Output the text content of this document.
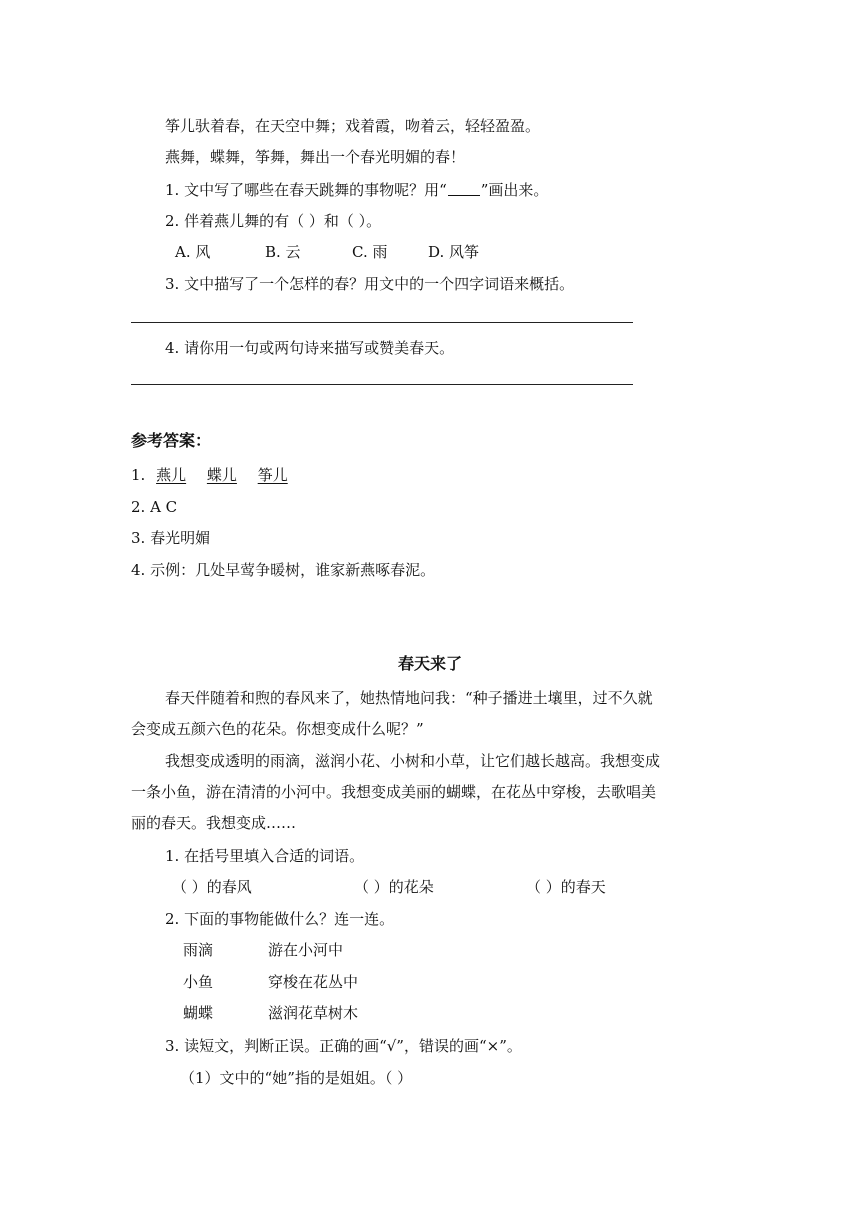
筝儿驮着春，在天空中舞；戏着霞，吻着云，轻轻盈盈。
燕舞，蝶舞，筝舞，舞出一个春光明媚的春！
1. 文中写了哪些在春天跳舞的事物呢？用“ ”画出来。
2. 伴着燕儿舞的有（ ）和（ ）。
A. 风	B. 云	C. 雨	D. 风筝
3. 文中描写了一个怎样的春？用文中的一个四字词语来概括。
4. 请你用一句或两句诗来描写或赞美春天。
参考答案：
1. 燕儿 蝶儿 筝儿
2. A C
3. 春光明媚
4. 示例：几处早莺争暖树，谁家新燕啄春泥。
春天来了
春天伴随着和煦的春风来了，她热情地问我：“种子播进土壤里，过不久就
会变成五颜六色的花朵。你想变成什么呢？”
我想变成透明的雨滴，滋润小花、小树和小草，让它们越长越高。我想变成
一条小鱼，游在清清的小河中。我想变成美丽的蝴蝶，在花丛中穿梭，去歌唱美
丽的春天。我想变成……
1. 在括号里填入合适的词语。
（ ）的春风	（ ）的花朵	（ ）的春天
2. 下面的事物能做什么？连一连。
雨滴	游在小河中
小鱼	穿梭在花丛中
蝴蝶	滋润花草树木
3. 读短文，判断正误。正确的画“√”，错误的画“×”。
（1）文中的“她”指的是姐姐。（ ）
